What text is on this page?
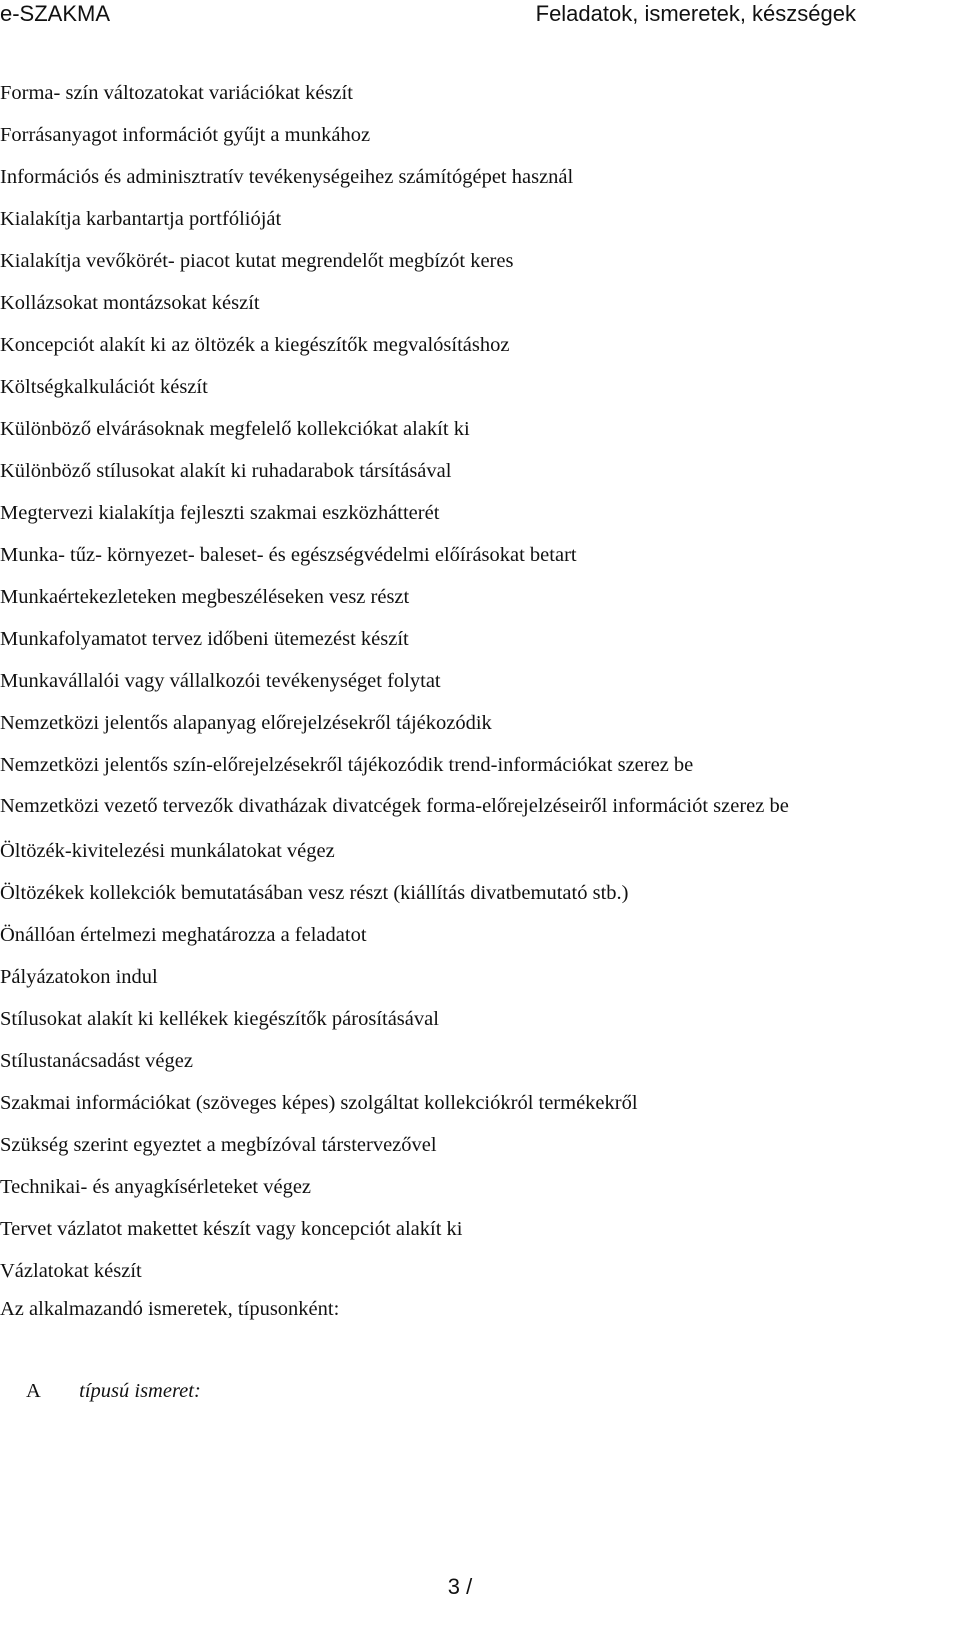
e-SZAKMA	Feladatok, ismeretek, készségek
Forma- szín változatokat variációkat készít
Forrásanyagot információt gyűjt a munkához
Információs és adminisztratív tevékenységeihez számítógépet használ
Kialakítja karbantartja portfólióját
Kialakítja vevőkörét- piacot kutat megrendelőt megbízót keres
Kollázsokat montázsokat készít
Koncepciót alakít ki az öltözék a kiegészítők megvalósításhoz
Költségkalkulációt készít
Különböző elvárásoknak megfelelő kollekciókat alakít ki
Különböző stílusokat alakít ki ruhadarabok társításával
Megtervezi kialakítja fejleszti szakmai eszközhátterét
Munka- tűz- környezet- baleset- és egészségvédelmi előírásokat betart
Munkaértekezleteken megbeszéléseken vesz részt
Munkafolyamatot tervez időbeni ütemezést készít
Munkavállalói vagy vállalkozói tevékenységet folytat
Nemzetközi jelentős alapanyag előrejelzésekről tájékozódik
Nemzetközi jelentős szín-előrejelzésekről tájékozódik trend-információkat szerez be
Nemzetközi vezető tervezők divatházak divatcégek forma-előrejelzéseiről információt szerez be
Öltözék-kivitelezési munkálatokat végez
Öltözékek kollekciók bemutatásában vesz részt (kiállítás divatbemutató stb.)
Önállóan értelmezi meghatározza a feladatot
Pályázatokon indul
Stílusokat alakít ki kellékek kiegészítők párosításával
Stílustanácsadást végez
Szakmai információkat (szöveges képes) szolgáltat kollekciókról termékekről
Szükség szerint egyeztet a megbízóval társtervezővel
Technikai- és anyagkísérleteket végez
Tervet vázlatot makettet készít vagy koncepciót alakít ki
Vázlatokat készít
Az alkalmazandó ismeretek, típusonként:
A típusú ismeret:
3 /
